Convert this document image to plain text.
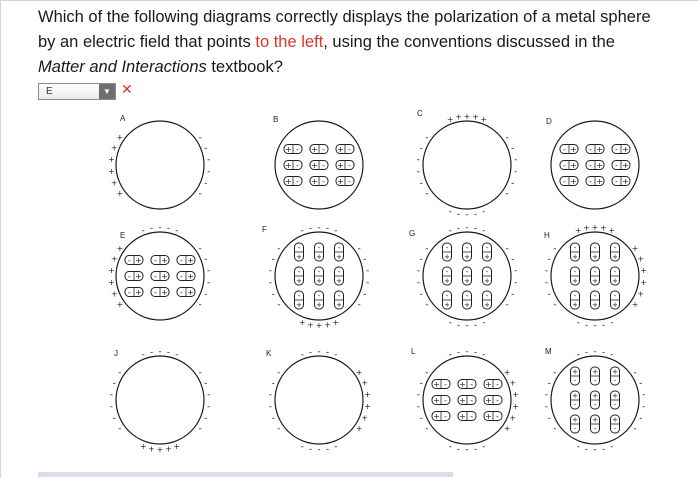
Which of the following diagrams correctly displays the polarization of a metal sphere by an electric field that points to the left, using the conventions discussed in the Matter and Interactions textbook?

E	▼ ✕
A
+
+
+
+
+
+	-
-
-
-
-
-
B
+ - + - + -
+ - + - + -
+ - + - + -
C
-
-
-
-
-
-	-
-
-
-
-
-
+
+
+
+
+
- - - - -
D
- + - + - +
- + - + - +
- + - + - +
E
+
+
+
+
+
+	-
-
-
-
-
-
-
-
-
-
-
- + - + - +
- + - + - +
- + - + - +
F
-
-
-
-
-
-	-
-
-
-
-
-
-
-
-
-
-
+ + + + +
-
+
-
+
-
+
-
+
-
+
-
+
-
+
-
+
-
+
G
-
-
-
-
-
-	-
-
-
-
-
-
-
-
-
-
-
- - - - -
-
+
-
+
-
+
-
+
-
+
-
+
-
+
-
+
-
+
H
-
-
-
-
-
-	+
+
+
+
+
+
+
+
+
+
+
- - - - -
-
+
-
+
-
+
-
+
-
+
-
+
-
+
-
+
-
+
J
-
-
-
-
-
-	-
-
-
-
-
-
-
-
-
-
-
+ + + + +
K
-
-
-
-
-
-	+
+
+
+
+
+
-
-
-
-
-
- - - - -
L
-
-
-
-
-
-	+
+
+
+
+
+
-
-
-
-
-
- - - - -
+ - + - + -
+ - + - + -
+ - + - + -
M
-
-
-
-
-
-	-
-
-
-
-
-
-
-
-
-
-
- - - - -
+
-
+
-
+
-
+
-
+
-
+
-
+
-
+
-
+
-
